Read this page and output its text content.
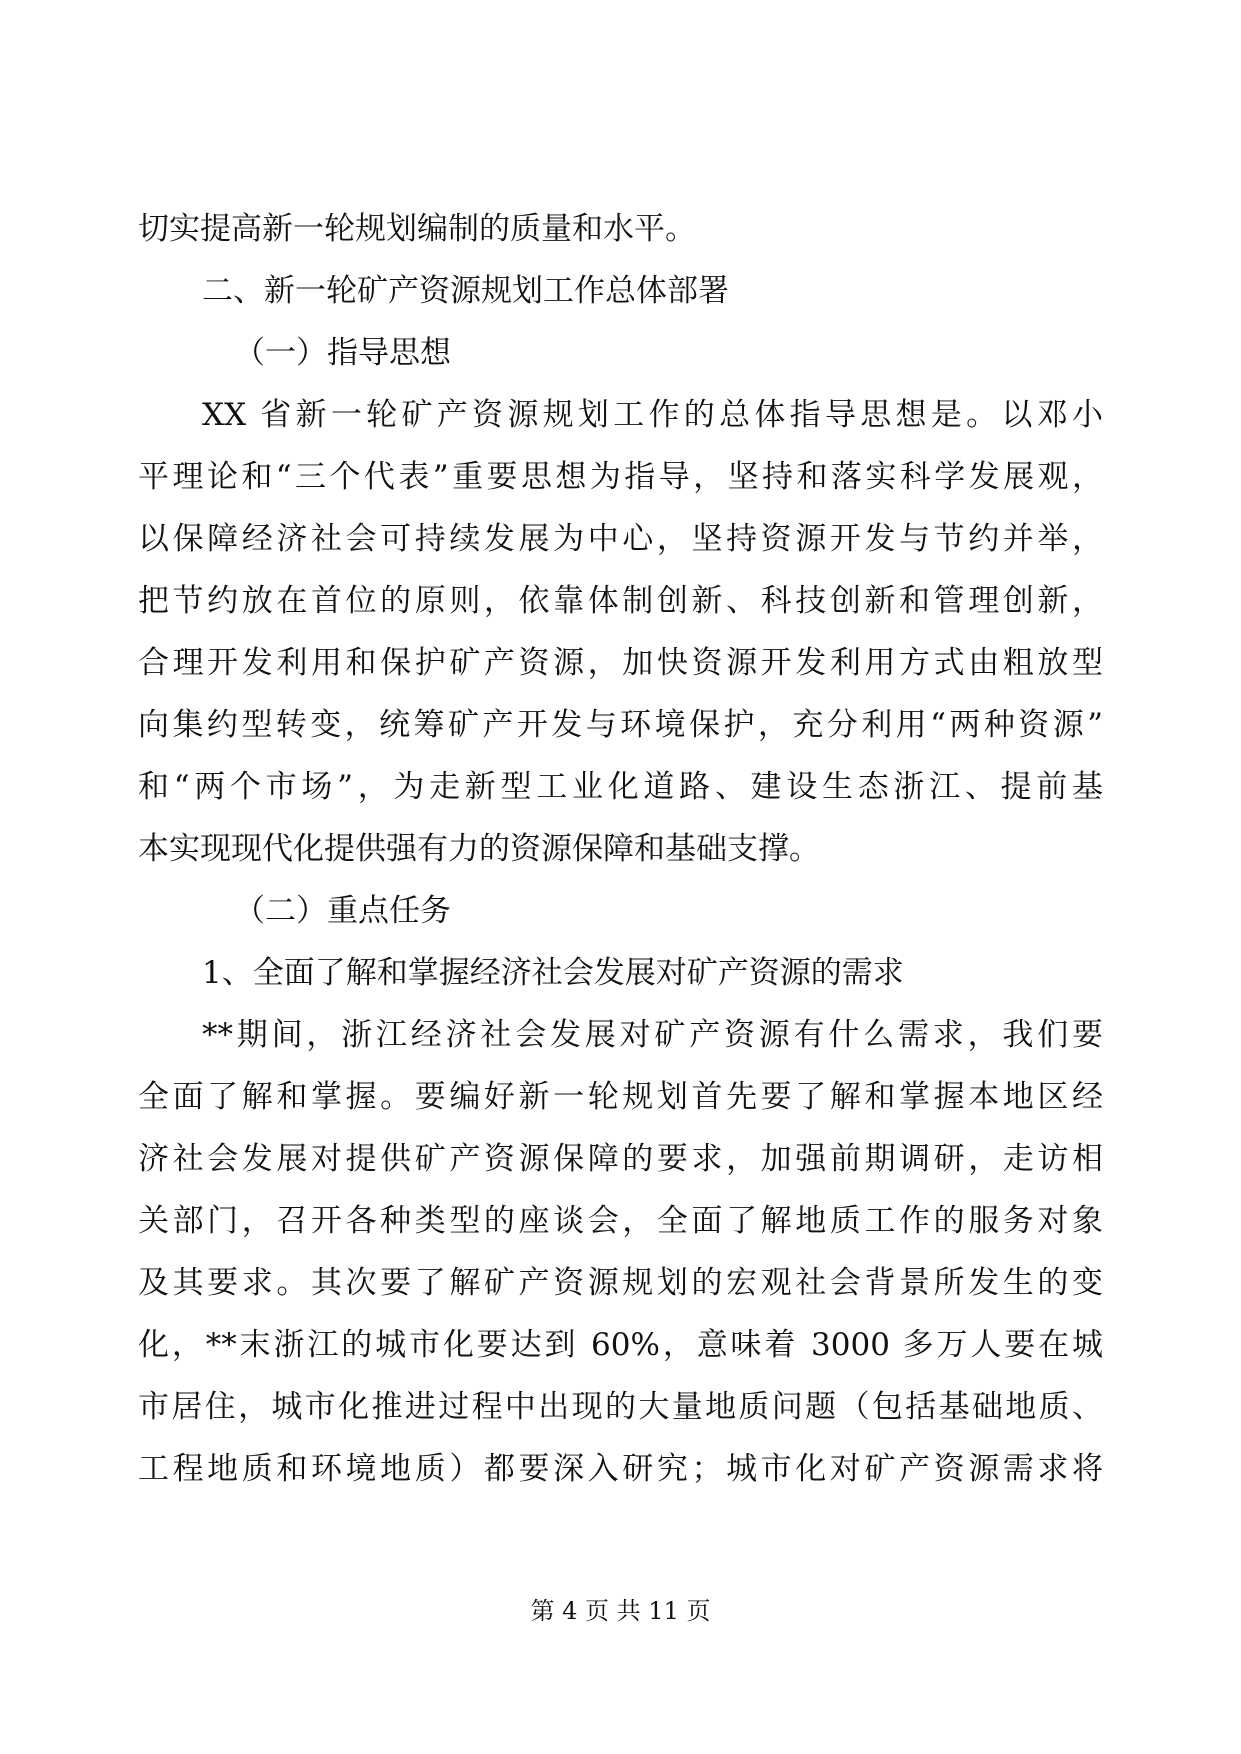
切实提高新一轮规划编制的质量和水平。
二、新一轮矿产资源规划工作总体部署
（一）指导思想
XX 省新一轮矿产资源规划工作的总体指导思想是。以邓小
平理论和“三个代表”重要思想为指导，坚持和落实科学发展观，
以保障经济社会可持续发展为中心，坚持资源开发与节约并举，
把节约放在首位的原则，依靠体制创新、科技创新和管理创新，
合理开发利用和保护矿产资源，加快资源开发利用方式由粗放型
向集约型转变，统筹矿产开发与环境保护，充分利用“两种资源”
和“两个市场”，为走新型工业化道路、建设生态浙江、提前基
本实现现代化提供强有力的资源保障和基础支撑。
（二）重点任务
1、全面了解和掌握经济社会发展对矿产资源的需求
**期间，浙江经济社会发展对矿产资源有什么需求，我们要
全面了解和掌握。要编好新一轮规划首先要了解和掌握本地区经
济社会发展对提供矿产资源保障的要求，加强前期调研，走访相
关部门，召开各种类型的座谈会，全面了解地质工作的服务对象
及其要求。其次要了解矿产资源规划的宏观社会背景所发生的变
化，**末浙江的城市化要达到 60%，意味着 3000 多万人要在城
市居住，城市化推进过程中出现的大量地质问题（包括基础地质、
工程地质和环境地质）都要深入研究；城市化对矿产资源需求将
第 4 页 共 11 页
